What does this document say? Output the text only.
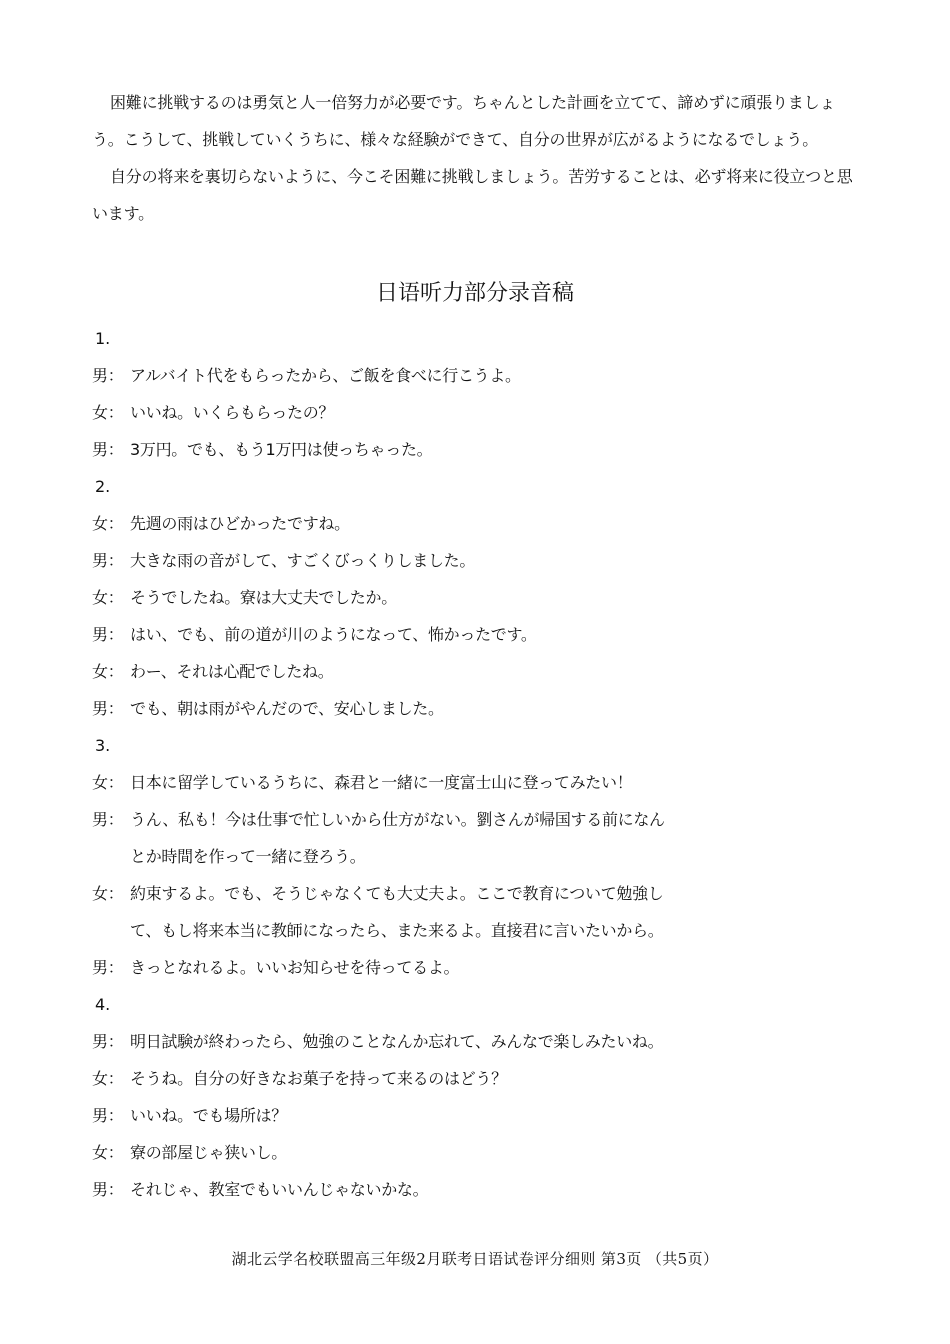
困難に挑戦するのは勇気と人一倍努力が必要です。ちゃんとした計画を立てて、諦めずに頑張りましょう。こうして、挑戦していくうちに、様々な経験ができて、自分の世界が広がるようになるでしょう。

自分の将来を裏切らないように、今こそ困難に挑戦しましょう。苦労することは、必ず将来に役立つと思います。

日语听力部分录音稿
1.
男： アルバイト代をもらったから、ご飯を食べに行こうよ。
女： いいね。いくらもらったの？
男： 3万円。でも、もう1万円は使っちゃった。
2.
女： 先週の雨はひどかったですね。
男： 大きな雨の音がして、すごくびっくりしました。
女： そうでしたね。寮は大丈夫でしたか。
男： はい、でも、前の道が川のようになって、怖かったです。
女： わー、それは心配でしたね。
男： でも、朝は雨がやんだので、安心しました。
3.
女： 日本に留学しているうちに、森君と一緒に一度富士山に登ってみたい！
男： うん、私も！今は仕事で忙しいから仕方がない。劉さんが帰国する前になんとか時間を作って一緒に登ろう。
女： 約束するよ。でも、そうじゃなくても大丈夫よ。ここで教育について勉強して、もし将来本当に教師になったら、また来るよ。直接君に言いたいから。
男： きっとなれるよ。いいお知らせを待ってるよ。
4.
男： 明日試験が終わったら、勉強のことなんか忘れて、みんなで楽しみたいね。
女： そうね。自分の好きなお菓子を持って来るのはどう？
男： いいね。でも場所は？
女： 寮の部屋じゃ狭いし。
男： それじゃ、教室でもいいんじゃないかな。

湖北云学名校联盟高三年级2月联考日语试卷评分细则 第3页 （共5页）
